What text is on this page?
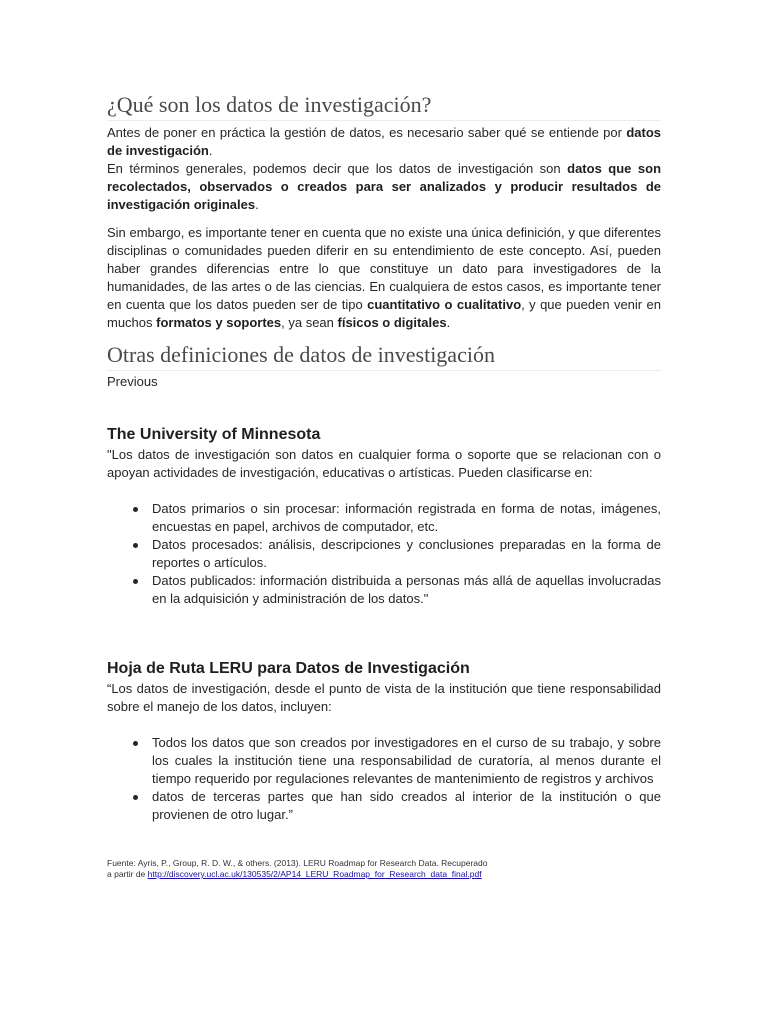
¿Qué son los datos de investigación?

Antes de poner en práctica la gestión de datos, es necesario saber qué se entiende por datos de investigación.

En términos generales, podemos decir que los datos de investigación son datos que son recolectados, observados o creados para ser analizados y producir resultados de investigación originales.

Sin embargo, es importante tener en cuenta que no existe una única definición, y que diferentes disciplinas o comunidades pueden diferir en su entendimiento de este concepto. Así, pueden haber grandes diferencias entre lo que constituye un dato para investigadores de la humanidades, de las artes o de las ciencias. En cualquiera de estos casos, es importante tener en cuenta que los datos pueden ser de tipo cuantitativo o cualitativo, y que pueden venir en muchos formatos y soportes, ya sean físicos o digitales.

Otras definiciones de datos de investigación
Previous
The University of Minnesota

"Los datos de investigación son datos en cualquier forma o soporte que se relacionan con o apoyan actividades de investigación, educativas o artísticas. Pueden clasificarse en:

Datos primarios o sin procesar: información registrada en forma de notas, imágenes, encuestas en papel, archivos de computador, etc.
Datos procesados: análisis, descripciones y conclusiones preparadas en la forma de reportes o artículos.
Datos publicados: información distribuida a personas más allá de aquellas involucradas en la adquisición y administración de los datos."
Hoja de Ruta LERU para Datos de Investigación

“Los datos de investigación, desde el punto de vista de la institución que tiene responsabilidad sobre el manejo de los datos, incluyen:

Todos los datos que son creados por investigadores en el curso de su trabajo, y sobre los cuales la institución tiene una responsabilidad de curatoría, al menos durante el tiempo requerido por regulaciones relevantes de mantenimiento de registros y archivos
datos de terceras partes que han sido creados al interior de la institución o que provienen de otro lugar.”
Fuente: Ayris, P., Group, R. D. W., & others. (2013). LERU Roadmap for Research Data. Recuperado
a partir de http://discovery.ucl.ac.uk/130535/2/AP14_LERU_Roadmap_for_Research_data_final.pdf
